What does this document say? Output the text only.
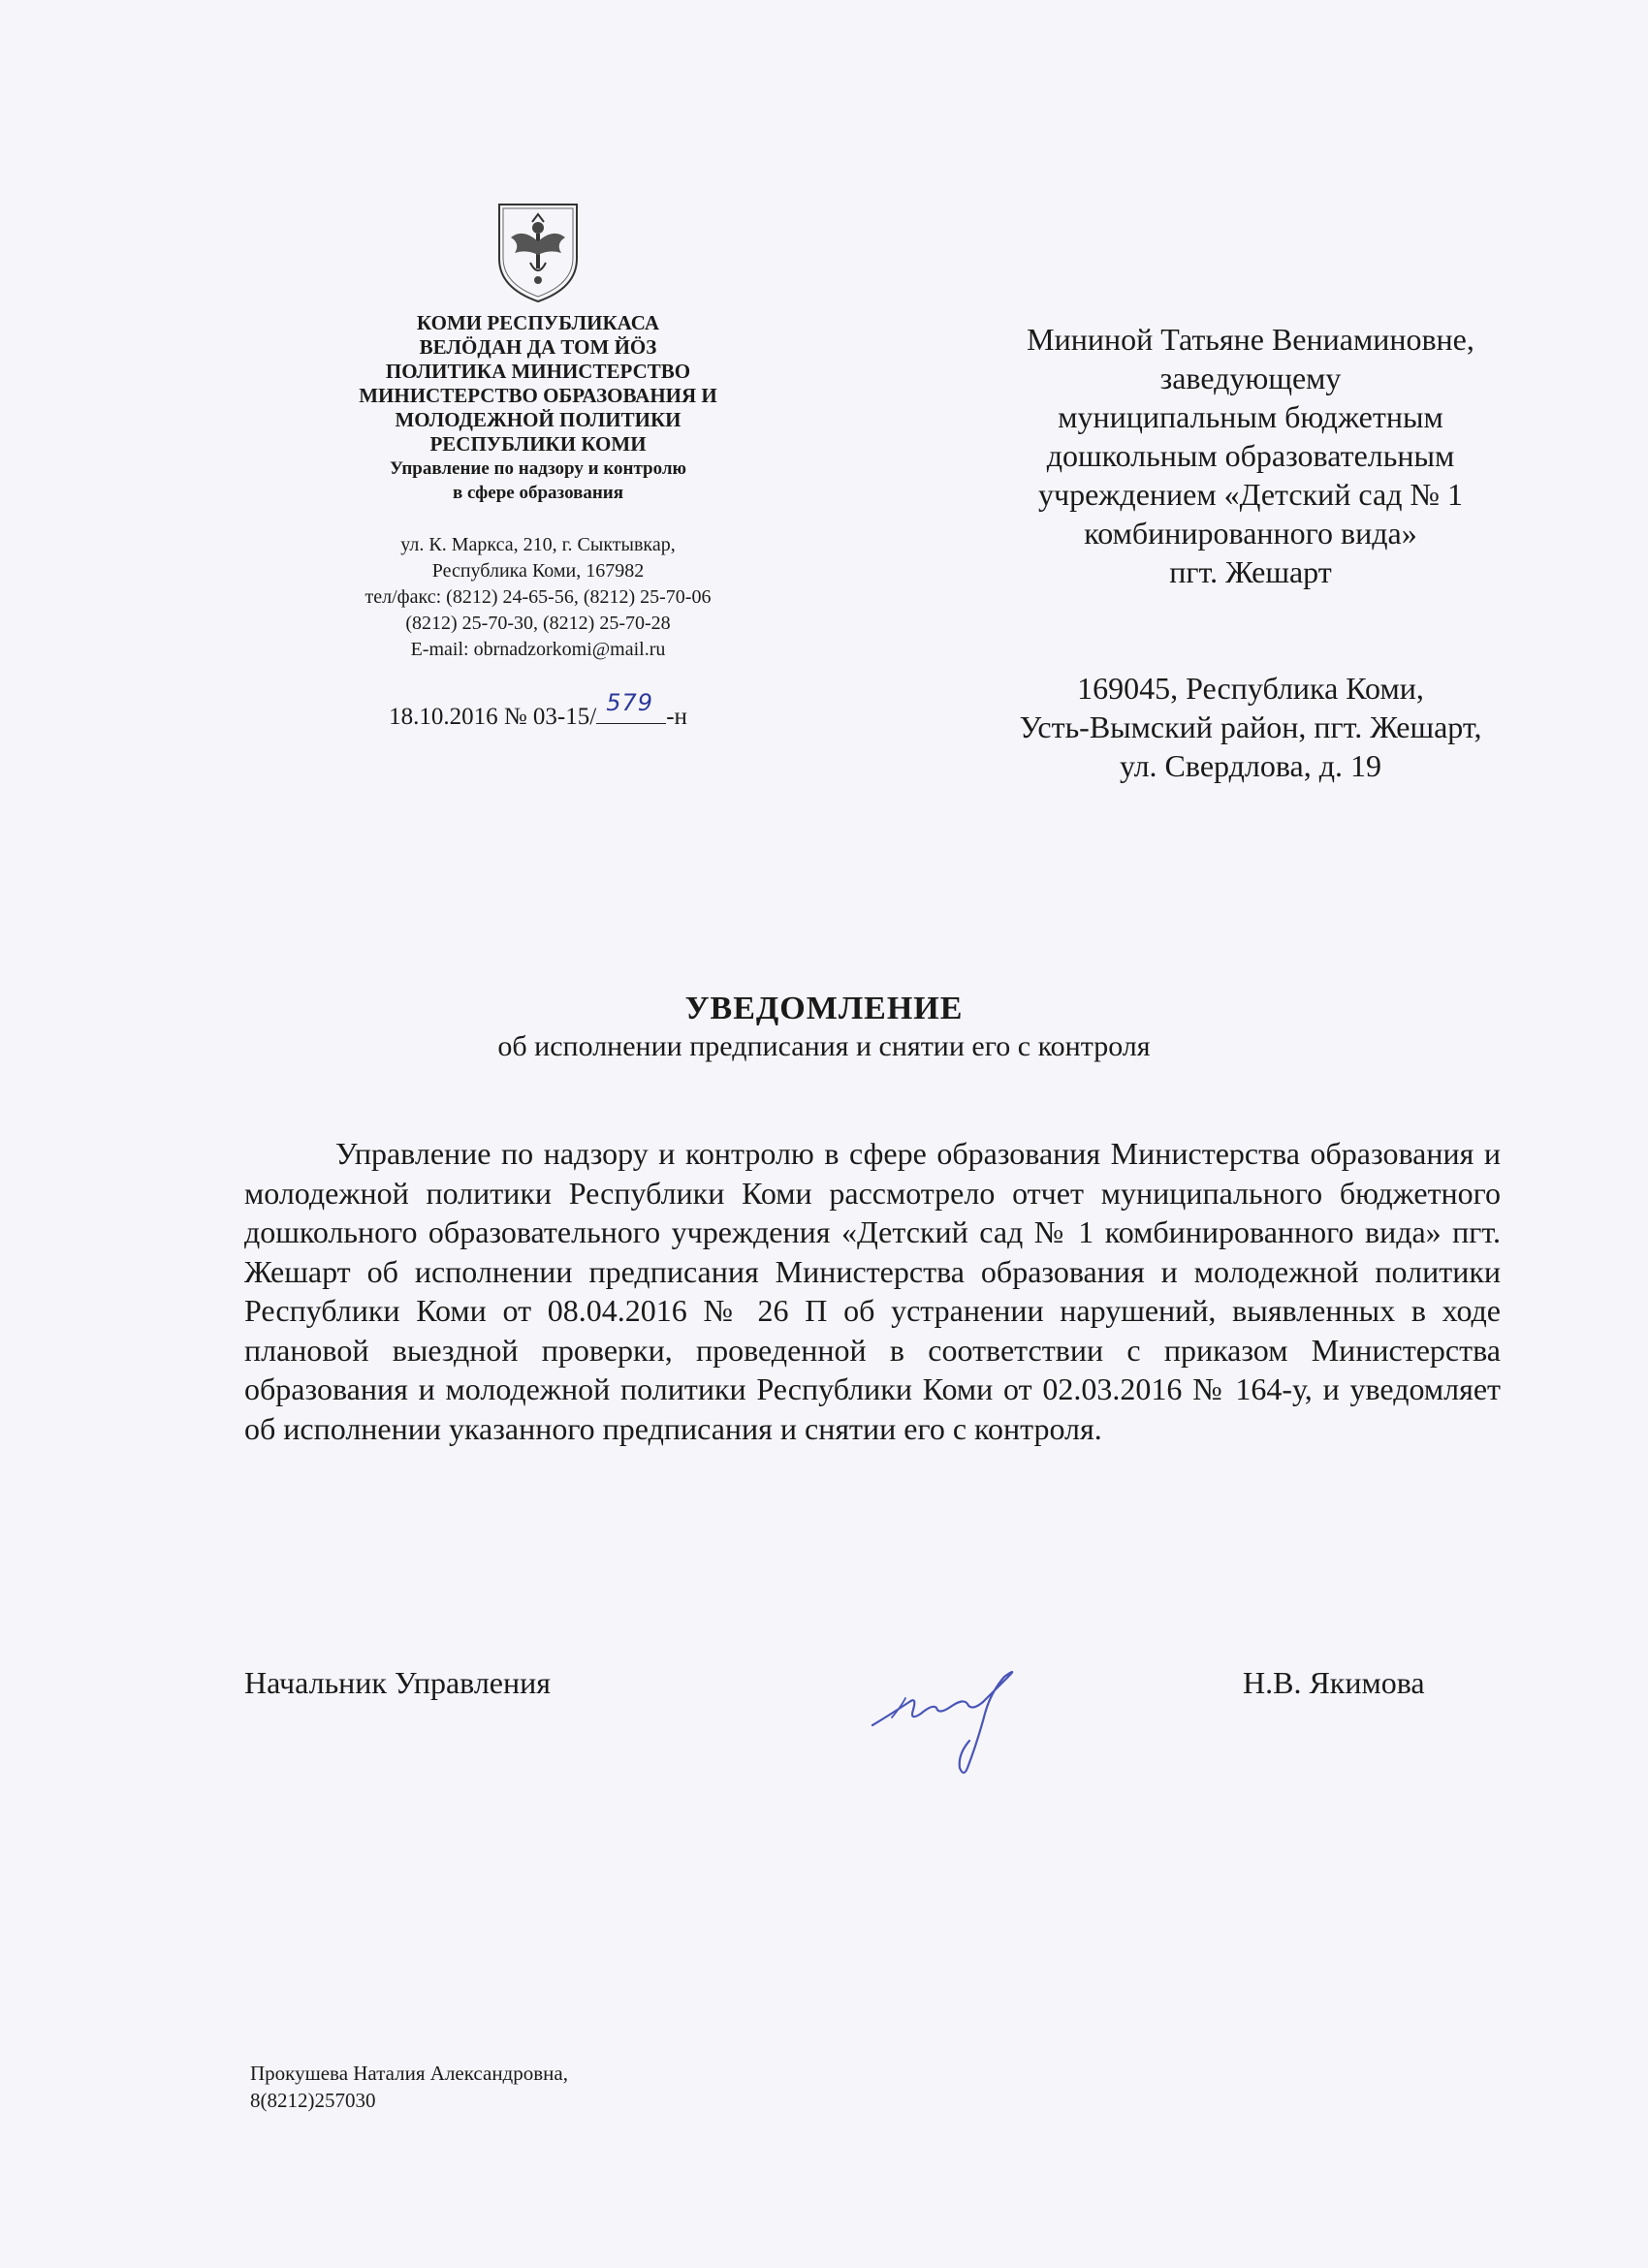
КОМИ РЕСПУБЛИКАСА
ВЕЛÖДАН ДА ТОМ ЙÖЗ
ПОЛИТИКА МИНИСТЕРСТВО
МИНИСТЕРСТВО ОБРАЗОВАНИЯ И
МОЛОДЕЖНОЙ ПОЛИТИКИ
РЕСПУБЛИКИ КОМИ
Управление по надзору и контролю
в сфере образования
ул. К. Маркса, 210, г. Сыктывкар,
Республика Коми, 167982
тел/факс: (8212) 24-65-56, (8212) 25-70-06
(8212) 25-70-30, (8212) 25-70-28
E-mail: obrnadzorkomi@mail.ru
18.10.2016 № 03-15/
579
-н
Мининой Татьяне Вениаминовне,
заведующему
муниципальным бюджетным
дошкольным образовательным
учреждением «Детский сад № 1
комбинированного вида»
пгт. Жешарт
169045, Республика Коми,
Усть-Вымский район, пгт. Жешарт,
ул. Свердлова, д. 19
УВЕДОМЛЕНИЕ
об исполнении предписания и снятии его с контроля
Управление по надзору и контролю в сфере образования Министерства образования и молодежной политики Республики Коми рассмотрело отчет муниципального бюджетного дошкольного образовательного учреждения «Детский сад № 1 комбинированного вида» пгт. Жешарт об исполнении предписания Министерства образования и молодежной политики Республики Коми от 08.04.2016 № 26 П об устранении нарушений, выявленных в ходе плановой выездной проверки, проведенной в соответствии с приказом Министерства образования и молодежной политики Республики Коми от 02.03.2016 № 164-у, и уведомляет об исполнении указанного предписания и снятии его с контроля.
Начальник Управления	Н.В. Якимова
Прокушева Наталия Александровна,
8(8212)257030
